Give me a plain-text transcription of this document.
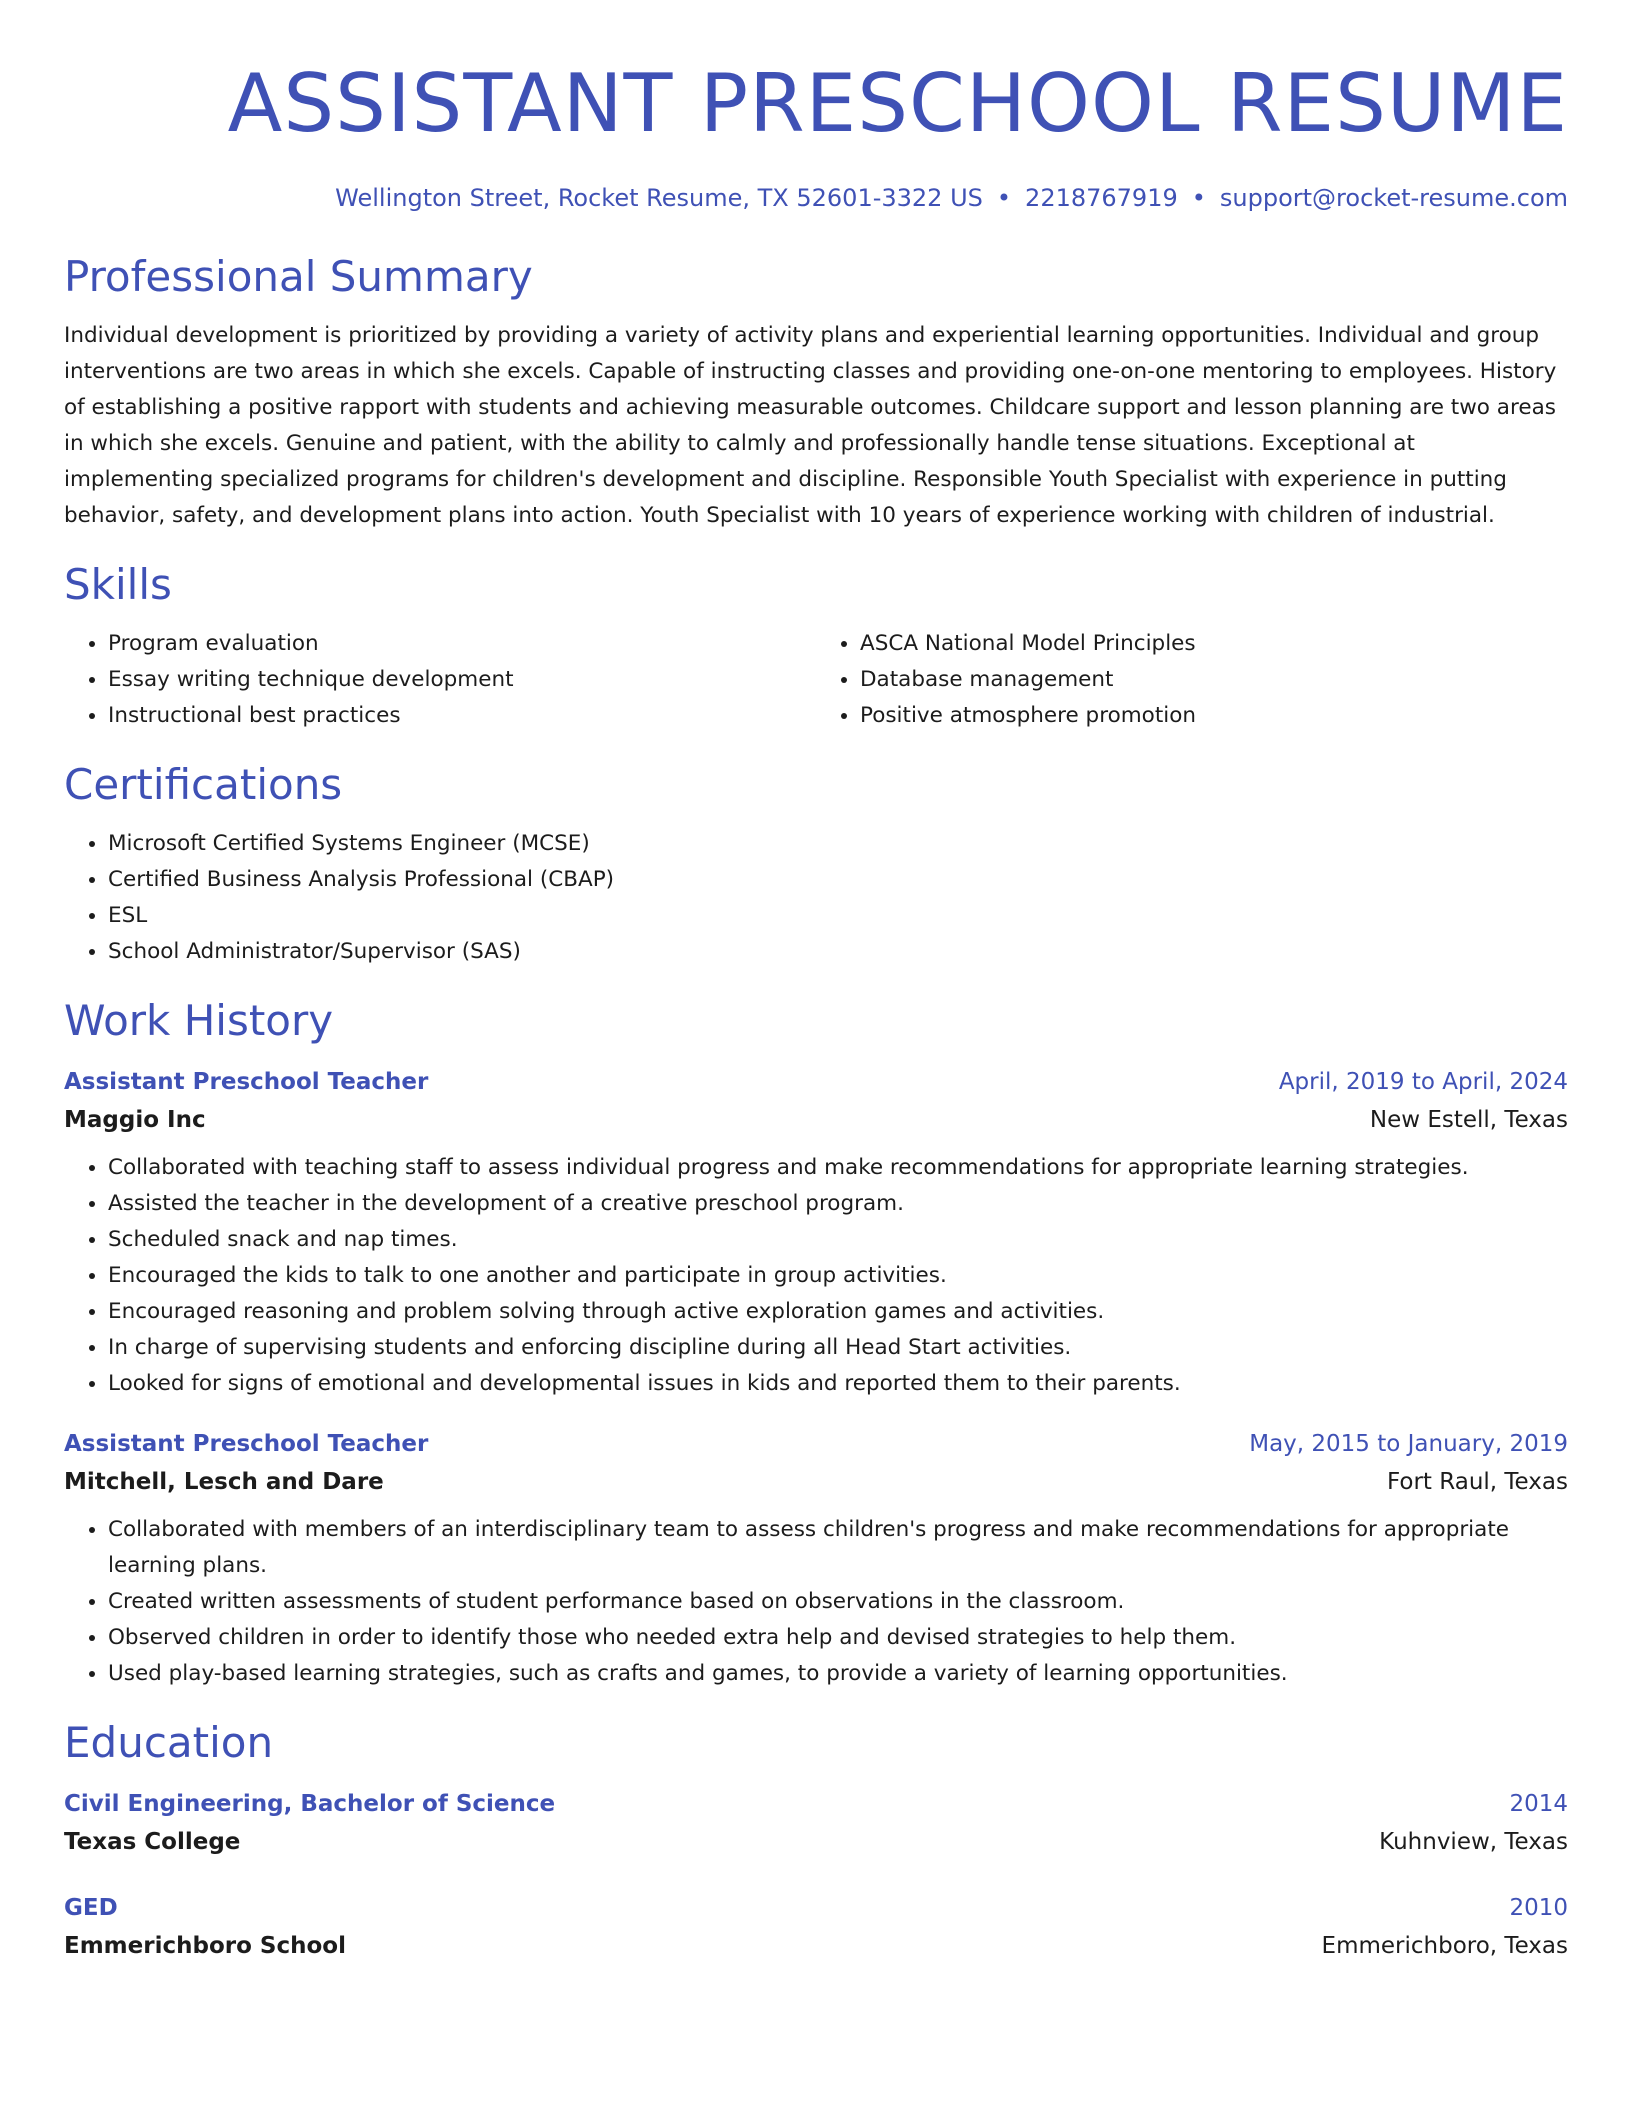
ASSISTANT PRESCHOOL RESUME
Wellington Street, Rocket Resume, TX 52601-3322 US • 2218767919 • support@rocket-resume.com
Professional Summary

Individual development is prioritized by providing a variety of activity plans and experiential learning opportunities. Individual and group interventions are two areas in which she excels. Capable of instructing classes and providing one-on-one mentoring to employees. History of establishing a positive rapport with students and achieving measurable outcomes. Childcare support and lesson planning are two areas in which she excels. Genuine and patient, with the ability to calmly and professionally handle tense situations. Exceptional at implementing specialized programs for children's development and discipline. Responsible Youth Specialist with experience in putting behavior, safety, and development plans into action. Youth Specialist with 10 years of experience working with children of industrial.

Skills
• Program evaluation
• Essay writing technique development
• Instructional best practices
• ASCA National Model Principles
• Database management
• Positive atmosphere promotion
Certifications
• Microsoft Certified Systems Engineer (MCSE)
• Certified Business Analysis Professional (CBAP)
• ESL
• School Administrator/Supervisor (SAS)
Work History
Assistant Preschool Teacher	April, 2019 to April, 2024
Maggio Inc	New Estell, Texas
• Collaborated with teaching staff to assess individual progress and make recommendations for appropriate learning strategies.
• Assisted the teacher in the development of a creative preschool program.
• Scheduled snack and nap times.
• Encouraged the kids to talk to one another and participate in group activities.
• Encouraged reasoning and problem solving through active exploration games and activities.
• In charge of supervising students and enforcing discipline during all Head Start activities.
• Looked for signs of emotional and developmental issues in kids and reported them to their parents.
Assistant Preschool Teacher	May, 2015 to January, 2019
Mitchell, Lesch and Dare	Fort Raul, Texas
• Collaborated with members of an interdisciplinary team to assess children's progress and make recommendations for appropriate learning plans.
• Created written assessments of student performance based on observations in the classroom.
• Observed children in order to identify those who needed extra help and devised strategies to help them.
• Used play-based learning strategies, such as crafts and games, to provide a variety of learning opportunities.
Education
Civil Engineering, Bachelor of Science	2014
Texas College	Kuhnview, Texas
GED	2010
Emmerichboro School	Emmerichboro, Texas
